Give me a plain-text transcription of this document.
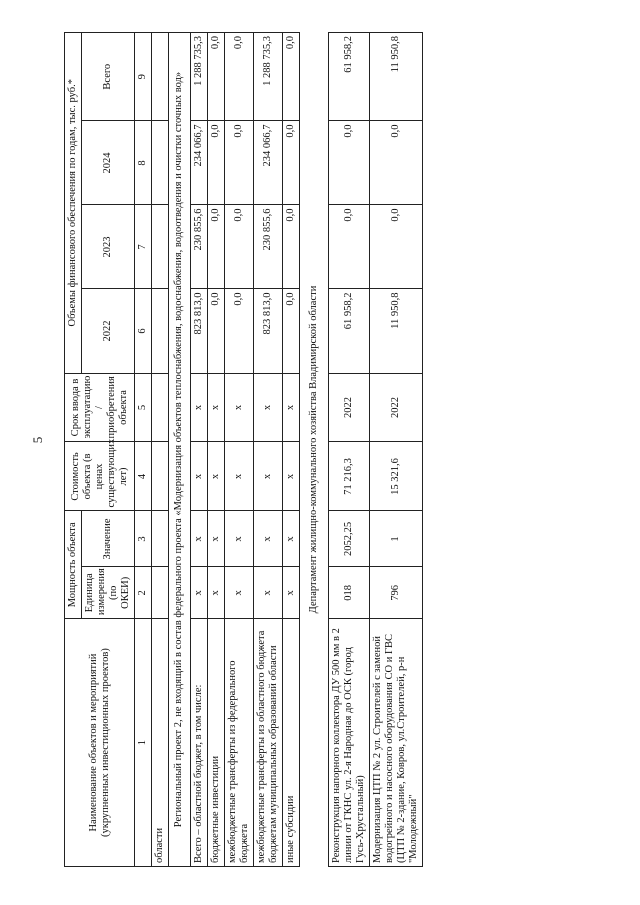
5
Наименование объектов и мероприятий (укрупненных инвестиционных проектов)	Мощность объекта		Стоимость объекта (в ценах существующих лет)	Срок ввода в эксплуатацию / приобретения объекта	Объемы финансового обеспечения по годам, тыс. руб.*			
	Единица измерения (по ОКЕИ)	Значение			2022	2023	2024	Всего
1	2	3	4	5	6	7	8	9
области								
Региональный проект 2, не входящий в состав федерального проекта «Модернизация объектов теплоснабжения, водоснабжения, водоотведения и очистки сточных вод»								
Всего – областной бюджет, в том числе:	х	х	х	х	823 813,0	230 855,6	234 066,7	1 288 735,3
бюджетные инвестиции	х	х	х	х	0,0	0,0	0,0	0,0
межбюджетные трансферты из федерального бюджета	х	х	х	х	0,0	0,0	0,0	0,0
межбюджетные трансферты из областного бюджета бюджетам муниципальных образований области	х	х	х	х	823 813,0	230 855,6	234 066,7	1 288 735,3
иные субсидии	х	х	х	х	0,0	0,0	0,0	0,0
Департамент жилищно-коммунального хозяйства Владимирской области								
Реконструкция напорного коллектора ДУ 500 мм в 2 линии от ГКНС ул. 2-я Народная до ОСК (город Гусь-Хрустальный)	018	2052,25	71 216,3	2022	61 958,2	0,0	0,0	61 958,2
Модернизация ЦТП № 2 ул. Строителей с заменой водогрейного и насосного оборудования СО и ГВС (ЦТП № 2-здание, Ковров, ул.Строителей, р-н "Молодежный"	796	1	15 321,6	2022	11 950,8	0,0	0,0	11 950,8
